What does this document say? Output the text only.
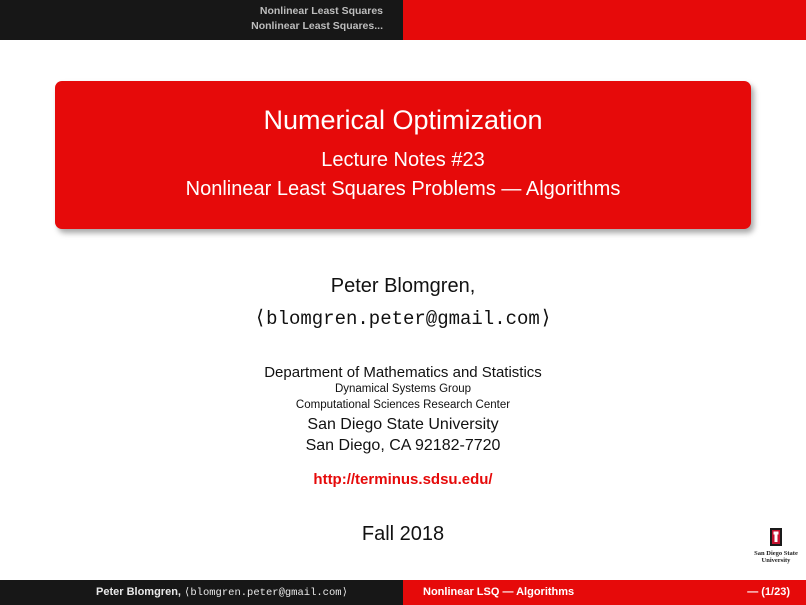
Nonlinear Least Squares
Nonlinear Least Squares...
Numerical Optimization
Lecture Notes #23
Nonlinear Least Squares Problems — Algorithms
Peter Blomgren,
⟨blomgren.peter@gmail.com⟩
Department of Mathematics and Statistics
Dynamical Systems Group
Computational Sciences Research Center
San Diego State University
San Diego, CA 92182-7720
http://terminus.sdsu.edu/
Fall 2018
San Diego State
University
Peter Blomgren, ⟨blomgren.peter@gmail.com⟩	Nonlinear LSQ — Algorithms	— (1/23)
